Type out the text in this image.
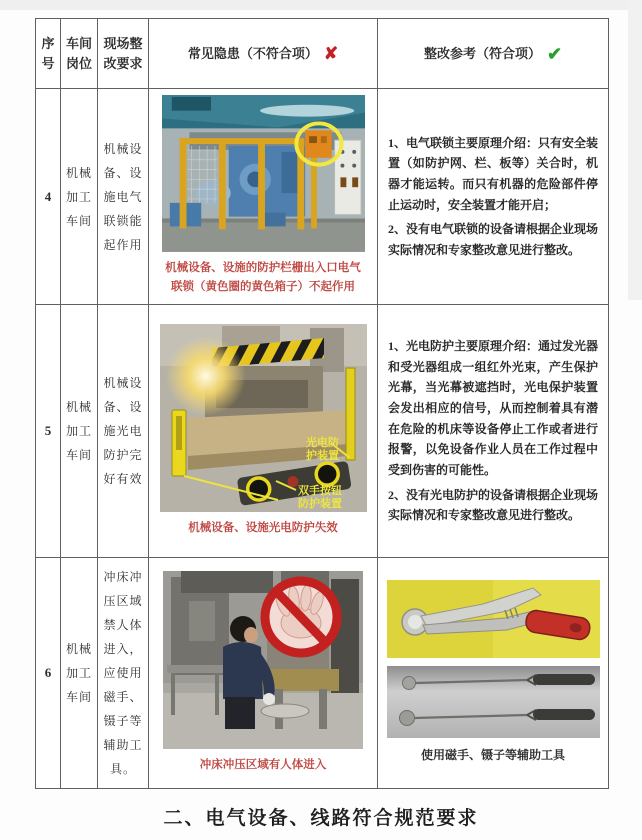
序号
车间岗位
现场整改要求
常见隐患（不符合项） ✘	整改参考（符合项） ✔
4
机械加工车间
机械设备、设施电气联锁能起作用
机械设备、设施的防护栏栅出入口电气联锁（黄色圈的黄色箱子）不起作用

1、电气联锁主要原理介绍：只有安全装置（如防护网、栏、板等）关合时，机器才能运转。而只有机器的危险部件停止运动时，安全装置才能开启；

2、没有电气联锁的设备请根据企业现场实际情况和专家整改意见进行整改。

5
机械加工车间
机械设备、设施光电防护完好有效
光电防
护装置
双手按钮
防护装置
机械设备、设施光电防护失效

1、光电防护主要原理介绍：通过发光器和受光器组成一组红外光束，产生保护光幕，当光幕被遮挡时，光电保护装置会发出相应的信号，从而控制着具有潜在危险的机床等设备停止工作或者进行报警，以免设备作业人员在工作过程中受到伤害的可能性。

2、没有光电防护的设备请根据企业现场实际情况和专家整改意见进行整改。

6
机械加工车间
冲床冲压区域禁人体进入，应使用磁手、镊子等辅助工具。	冲床冲压区域有人体进入
使用磁手、镊子等辅助工具
二、电气设备、线路符合规范要求
